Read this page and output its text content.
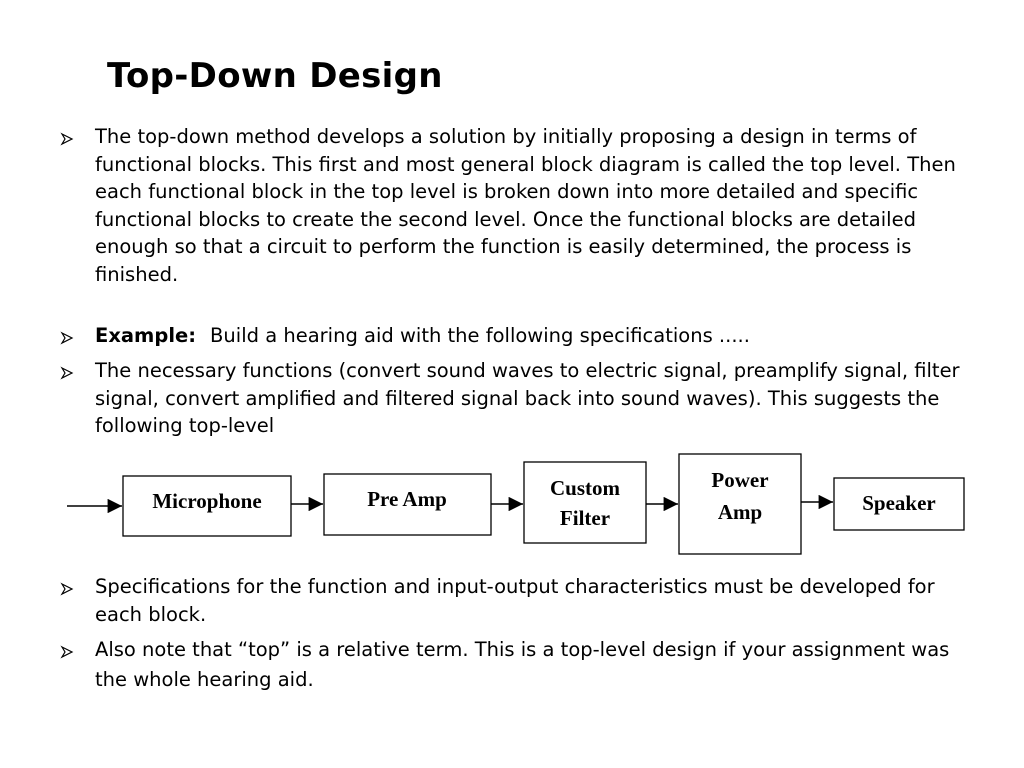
Top-Down Design

The top-down method develops a solution by initially proposing a design in terms of functional blocks. This first and most general block diagram is called the top level. Then each functional block in the top level is broken down into more detailed and specific functional blocks to create the second level. Once the functional blocks are detailed enough so that a circuit to perform the function is easily determined, the process is finished.

Example: Build a hearing aid with the following specifications .....

The necessary functions (convert sound waves to electric signal, preamplify signal, filter signal, convert amplified and filtered signal back into sound waves). This suggests the following top-level

Microphone	Pre Amp	Custom
Filter
Power
Amp	Speaker

Specifications for the function and input-output characteristics must be developed for each block.

Also note that “top” is a relative term. This is a top-level design if your assignment was the whole hearing aid.
